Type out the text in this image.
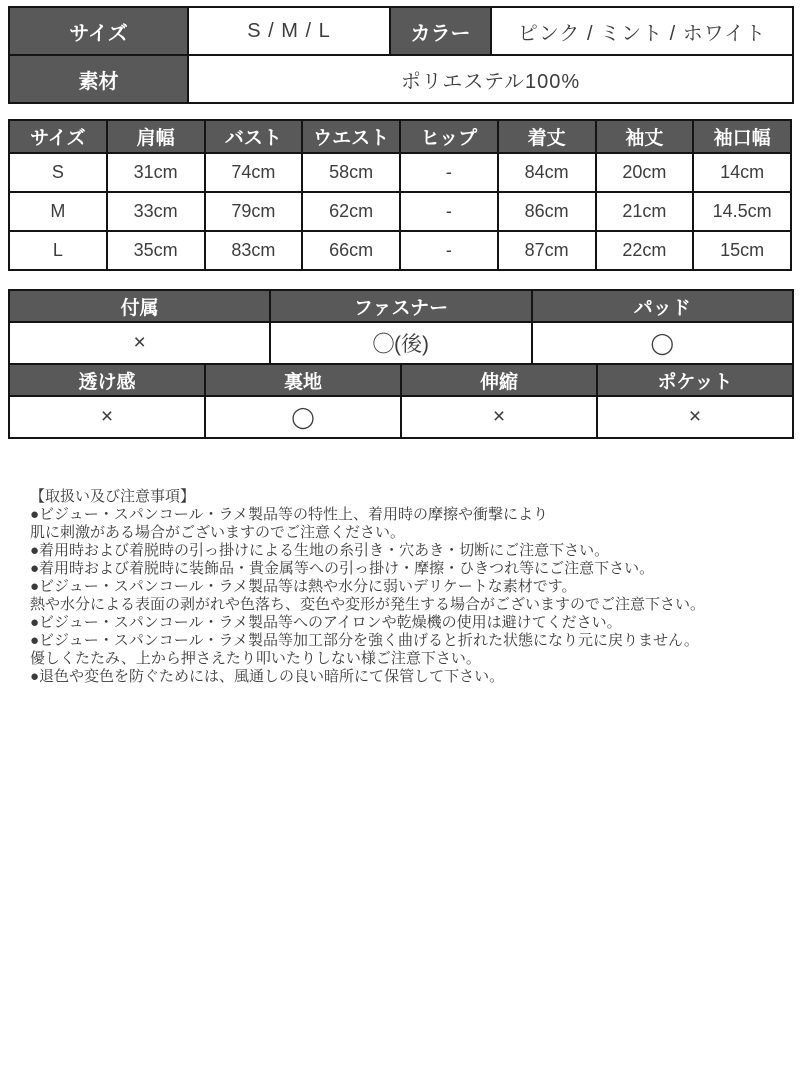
サイズ	S / M / L	カラー	ピンク / ミント / ホワイト
素材	ポリエステル100%		
サイズ	肩幅	バスト	ウエスト	ヒップ	着丈	袖丈	袖口幅
S	31cm	74cm	58cm	-	84cm	20cm	14cm
M	33cm	79cm	62cm	-	86cm	21cm	14.5cm
L	35cm	83cm	66cm	-	87cm	22cm	15cm
付属		ファスナー		パッド	
×		◯(後)		◯	
透け感	裏地		伸縮		ポケット
×	◯		×		×
【取扱い及び注意事項】
●ビジュー・スパンコール・ラメ製品等の特性上、着用時の摩擦や衝撃により
肌に刺激がある場合がございますのでご注意ください。
●着用時および着脱時の引っ掛けによる生地の糸引き・穴あき・切断にご注意下さい。
●着用時および着脱時に装飾品・貴金属等への引っ掛け・摩擦・ひきつれ等にご注意下さい。
●ビジュー・スパンコール・ラメ製品等は熱や水分に弱いデリケートな素材です。
熱や水分による表面の剥がれや色落ち、変色や変形が発生する場合がございますのでご注意下さい。
●ビジュー・スパンコール・ラメ製品等へのアイロンや乾燥機の使用は避けてください。
●ビジュー・スパンコール・ラメ製品等加工部分を強く曲げると折れた状態になり元に戻りません。
優しくたたみ、上から押さえたり叩いたりしない様ご注意下さい。
●退色や変色を防ぐためには、風通しの良い暗所にて保管して下さい。
